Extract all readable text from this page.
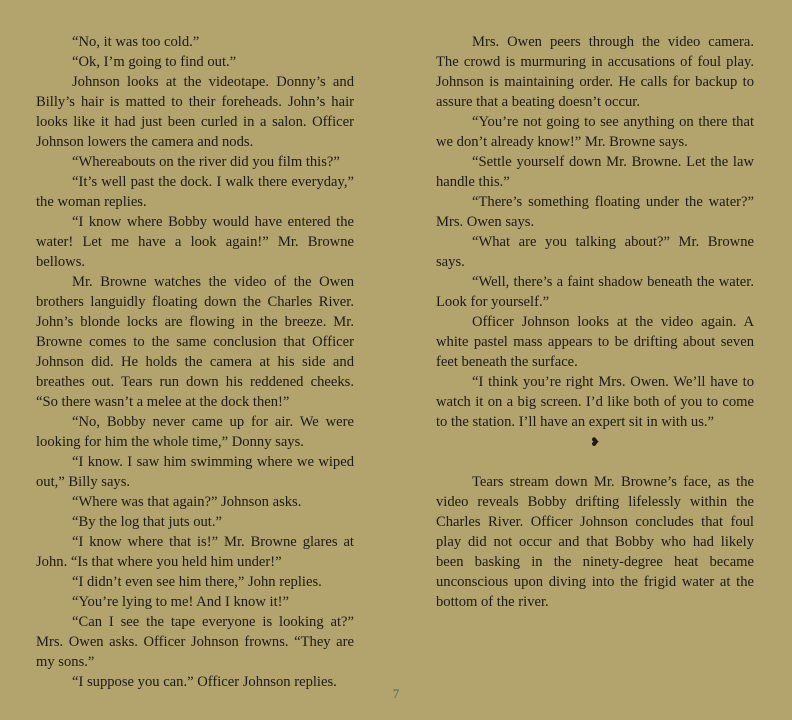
“No, it was too cold.”

“Ok, I’m going to find out.”

Johnson looks at the videotape. Donny’s and Billy’s hair is matted to their foreheads. John’s hair looks like it had just been curled in a salon. Officer Johnson lowers the camera and nods.

“Whereabouts on the river did you film this?”

“It’s well past the dock. I walk there everyday,” the woman replies.

“I know where Bobby would have entered the water! Let me have a look again!” Mr. Browne bellows.

Mr. Browne watches the video of the Owen brothers languidly floating down the Charles River. John’s blonde locks are flowing in the breeze. Mr. Browne comes to the same conclusion that Officer Johnson did. He holds the camera at his side and breathes out. Tears run down his reddened cheeks. “So there wasn’t a melee at the dock then!”

“No, Bobby never came up for air. We were looking for him the whole time,” Donny says.

“I know. I saw him swimming where we wiped out,” Billy says.

“Where was that again?” Johnson asks.

“By the log that juts out.”

“I know where that is!” Mr. Browne glares at John. “Is that where you held him under!”

“I didn’t even see him there,” John replies.

“You’re lying to me! And I know it!”

“Can I see the tape everyone is looking at?” Mrs. Owen asks. Officer Johnson frowns. “They are my sons.”

“I suppose you can.” Officer Johnson replies.

Mrs. Owen peers through the video camera. The crowd is murmuring in accusations of foul play. Johnson is maintaining order. He calls for backup to assure that a beating doesn’t occur.

“You’re not going to see anything on there that we don’t already know!” Mr. Browne says.

“Settle yourself down Mr. Browne. Let the law handle this.”

“There’s something floating under the water?” Mrs. Owen says.

“What are you talking about?” Mr. Browne says.

“Well, there’s a faint shadow beneath the water. Look for yourself.”

Officer Johnson looks at the video again. A white pastel mass appears to be drifting about seven feet beneath the surface.

“I think you’re right Mrs. Owen. We’ll have to watch it on a big screen. I’d like both of you to come to the station. I’ll have an expert sit in with us.”

❥

Tears stream down Mr. Browne’s face, as the video reveals Bobby drifting lifelessly within the Charles River. Officer Johnson concludes that foul play did not occur and that Bobby who had likely been basking in the ninety-degree heat became unconscious upon diving into the frigid water at the bottom of the river.

7
